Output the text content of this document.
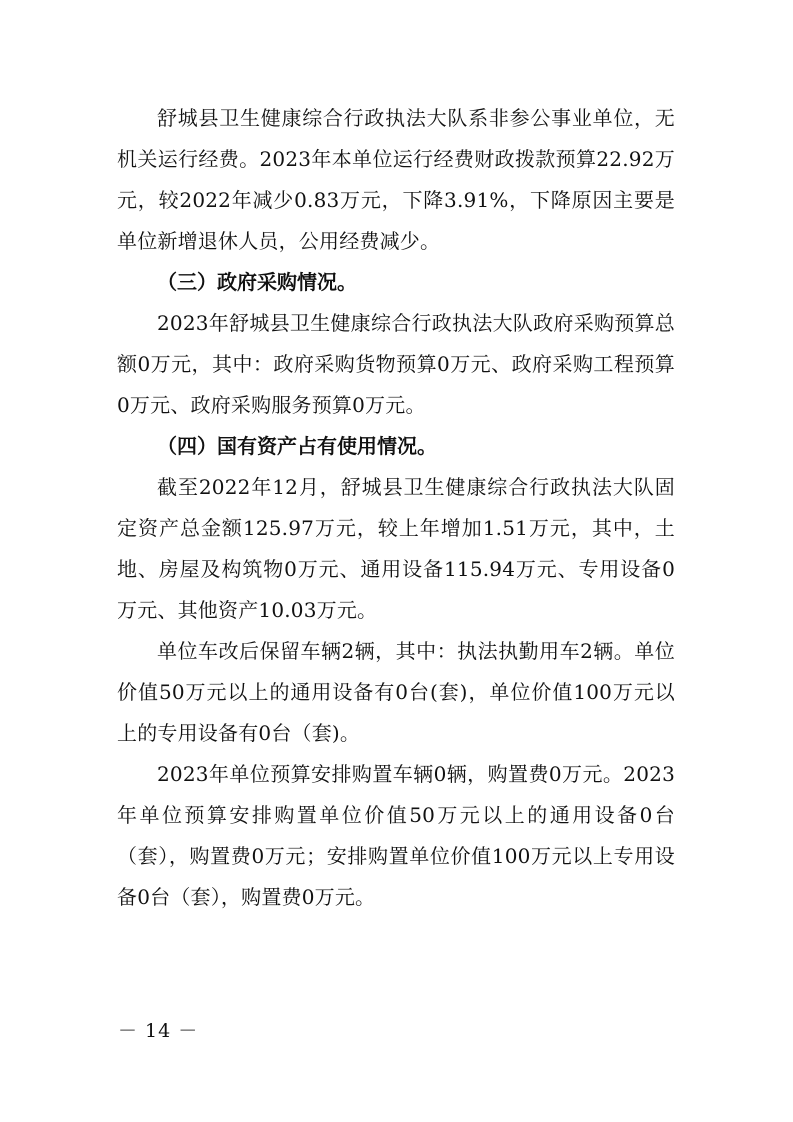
舒城县卫生健康综合行政执法大队系非参公事业单位，无机关运行经费。2023年本单位运行经费财政拨款预算22.92万元，较2022年减少0.83万元，下降3.91%，下降原因主要是单位新增退休人员，公用经费减少。

（三）政府采购情况。

2023年舒城县卫生健康综合行政执法大队政府采购预算总额0万元，其中：政府采购货物预算0万元、政府采购工程预算0万元、政府采购服务预算0万元。

（四）国有资产占有使用情况。

截至2022年12月，舒城县卫生健康综合行政执法大队固定资产总金额125.97万元，较上年增加1.51万元，其中，土地、房屋及构筑物0万元、通用设备115.94万元、专用设备0万元、其他资产10.03万元。

单位车改后保留车辆2辆，其中：执法执勤用车2辆。单位价值50万元以上的通用设备有0台(套)，单位价值100万元以上的专用设备有0台（套)。

2023年单位预算安排购置车辆0辆，购置费0万元。2023年单位预算安排购置单位价值50万元以上的通用设备0台（套），购置费0万元；安排购置单位价值100万元以上专用设备0台（套），购置费0万元。

－ 14 －
